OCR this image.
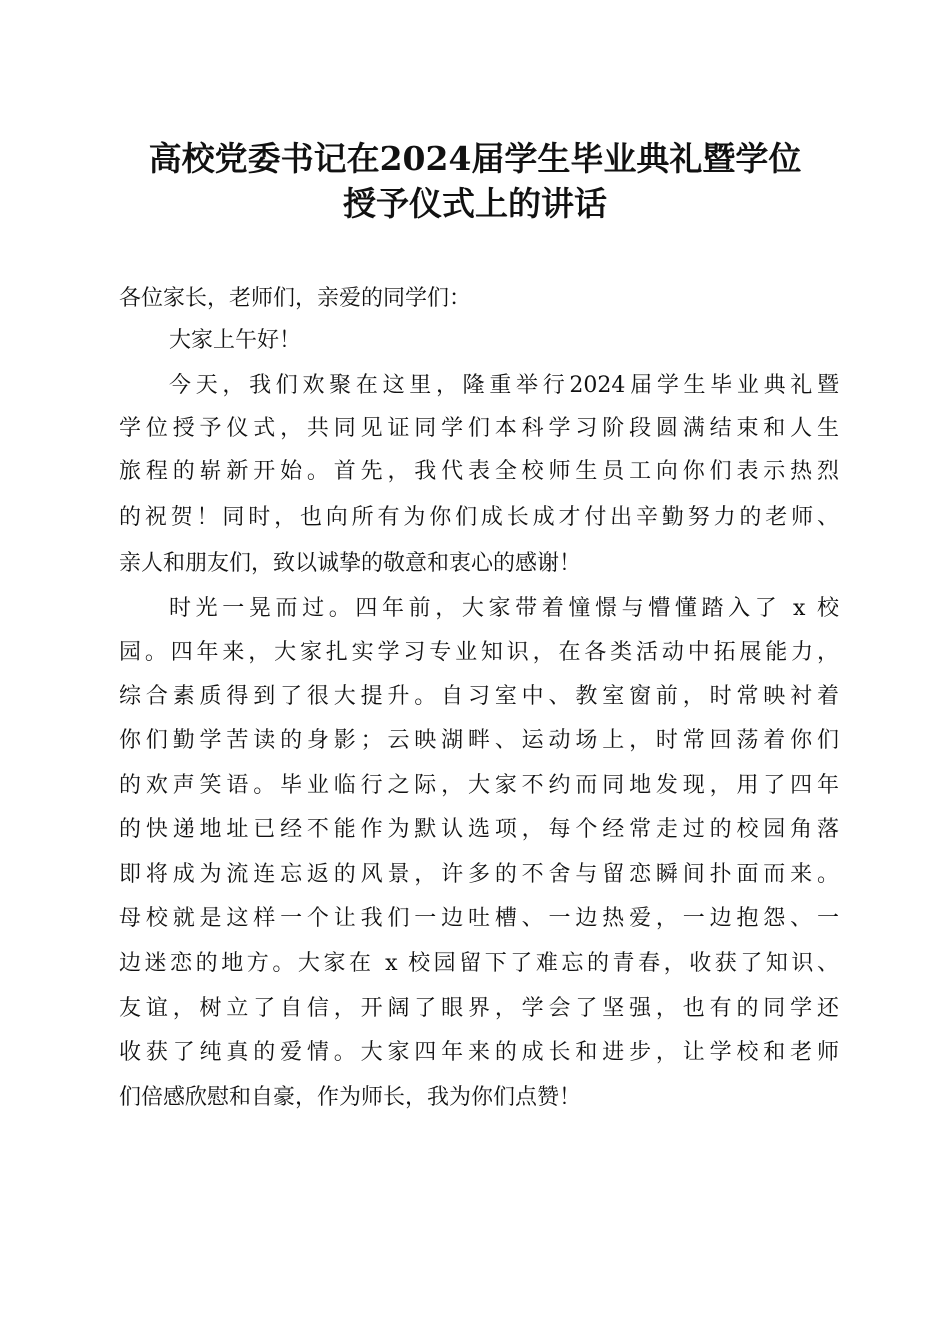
高校党委书记在2024届学生毕业典礼暨学位
授予仪式上的讲话
各位家长，老师们，亲爱的同学们：
大家上午好！
今天，我们欢聚在这里，隆重举行2024届学生毕业典礼暨
学位授予仪式，共同见证同学们本科学习阶段圆满结束和人生
旅程的崭新开始。首先，我代表全校师生员工向你们表示热烈
的祝贺！同时，也向所有为你们成长成才付出辛勤努力的老师、
亲人和朋友们，致以诚挚的敬意和衷心的感谢！
时光一晃而过。四年前，大家带着憧憬与懵懂踏入了 x 校
园。四年来，大家扎实学习专业知识，在各类活动中拓展能力，
综合素质得到了很大提升。自习室中、教室窗前，时常映衬着
你们勤学苦读的身影；云映湖畔、运动场上，时常回荡着你们
的欢声笑语。毕业临行之际，大家不约而同地发现，用了四年
的快递地址已经不能作为默认选项，每个经常走过的校园角落
即将成为流连忘返的风景，许多的不舍与留恋瞬间扑面而来。
母校就是这样一个让我们一边吐槽、一边热爱，一边抱怨、一
边迷恋的地方。大家在 x 校园留下了难忘的青春，收获了知识、
友谊，树立了自信，开阔了眼界，学会了坚强，也有的同学还
收获了纯真的爱情。大家四年来的成长和进步，让学校和老师
们倍感欣慰和自豪，作为师长，我为你们点赞！
